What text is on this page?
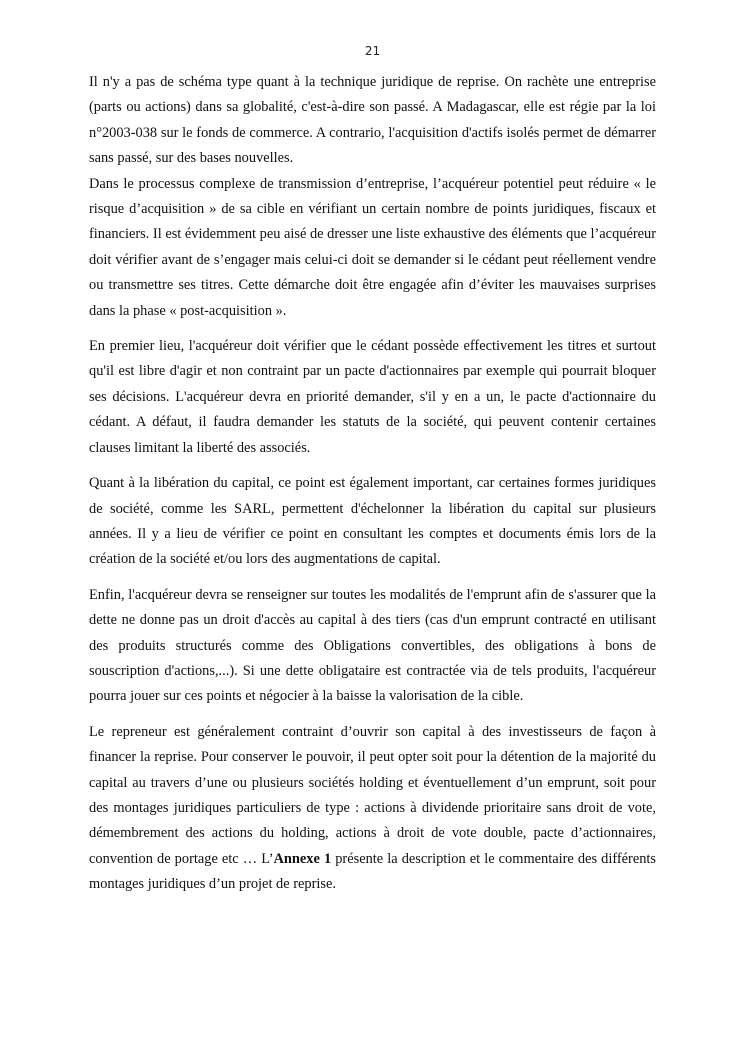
21

Il n'y a pas de schéma type quant à la technique juridique de reprise. On rachète une entreprise (parts ou actions) dans sa globalité, c'est-à-dire son passé. A Madagascar, elle est régie par la loi n°2003-038 sur le fonds de commerce. A contrario, l'acquisition d'actifs isolés permet de démarrer sans passé, sur des bases nouvelles.

Dans le processus complexe de transmission d’entreprise, l’acquéreur potentiel peut réduire « le risque d’acquisition » de sa cible en vérifiant un certain nombre de points juridiques, fiscaux et financiers. Il est évidemment peu aisé de dresser une liste exhaustive des éléments que l’acquéreur doit vérifier avant de s’engager mais celui-ci doit se demander si le cédant peut réellement vendre ou transmettre ses titres. Cette démarche doit être engagée afin d’éviter les mauvaises surprises dans la phase « post-acquisition ».

En premier lieu, l'acquéreur doit vérifier que le cédant possède effectivement les titres et surtout qu'il est libre d'agir et non contraint par un pacte d'actionnaires par exemple qui pourrait bloquer ses décisions. L'acquéreur devra en priorité demander, s'il y en a un, le pacte d'actionnaire du cédant. A défaut, il faudra demander les statuts de la société, qui peuvent contenir certaines clauses limitant la liberté des associés.

Quant à la libération du capital, ce point est également important, car certaines formes juridiques de société, comme les SARL, permettent d'échelonner la libération du capital sur plusieurs années. Il y a lieu de vérifier ce point en consultant les comptes et documents émis lors de la création de la société et/ou lors des augmentations de capital.

Enfin, l'acquéreur devra se renseigner sur toutes les modalités de l'emprunt afin de s'assurer que la dette ne donne pas un droit d'accès au capital à des tiers (cas d'un emprunt contracté en utilisant des produits structurés comme des Obligations convertibles, des obligations à bons de souscription d'actions,...). Si une dette obligataire est contractée via de tels produits, l'acquéreur pourra jouer sur ces points et négocier à la baisse la valorisation de la cible.

Le repreneur est généralement contraint d’ouvrir son capital à des investisseurs de façon à financer la reprise. Pour conserver le pouvoir, il peut opter soit pour la détention de la majorité du capital au travers d’une ou plusieurs sociétés holding et éventuellement d’un emprunt, soit pour des montages juridiques particuliers de type : actions à dividende prioritaire sans droit de vote, démembrement des actions du holding, actions à droit de vote double, pacte d’actionnaires, convention de portage etc … L’Annexe 1 présente la description et le commentaire des différents montages juridiques d’un projet de reprise.
